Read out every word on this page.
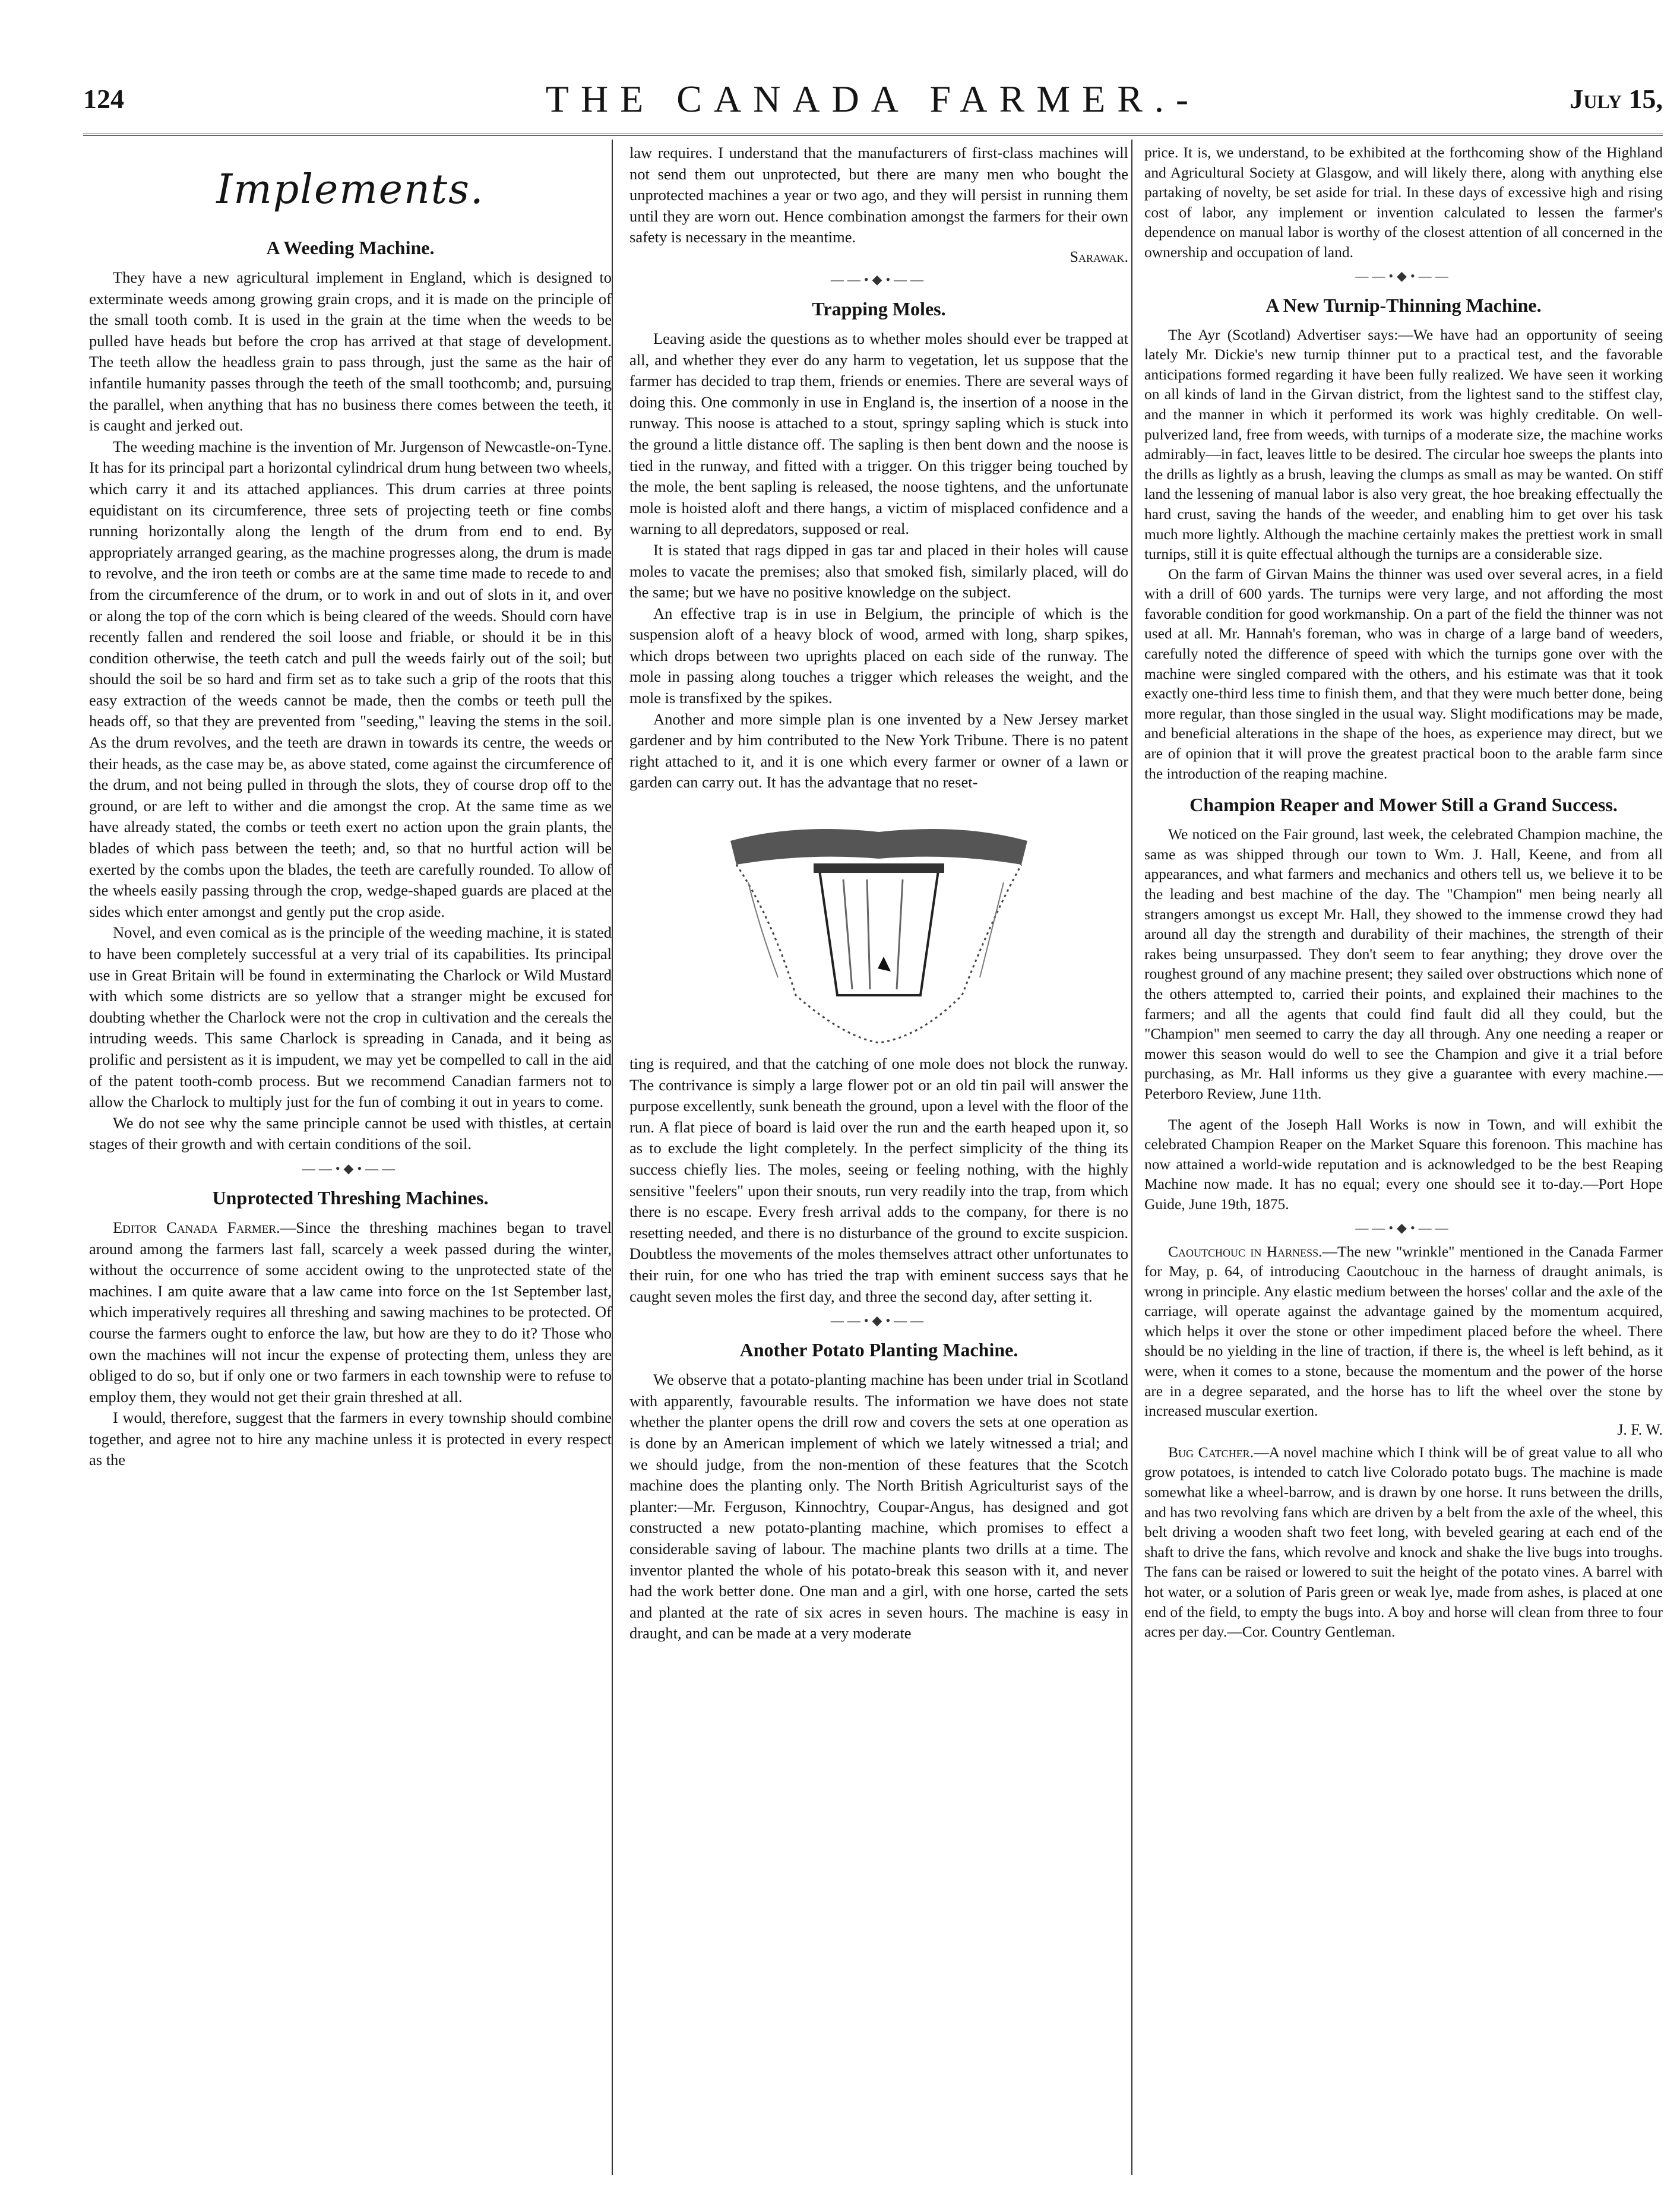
124	THE CANADA FARMER.-	July 15,
Implements.
A Weeding Machine.

They have a new agricultural implement in England, which is designed to exterminate weeds among growing grain crops, and it is made on the principle of the small tooth comb. It is used in the grain at the time when the weeds to be pulled have heads but before the crop has arrived at that stage of development. The teeth allow the headless grain to pass through, just the same as the hair of infantile humanity passes through the teeth of the small toothcomb; and, pursuing the parallel, when anything that has no business there comes between the teeth, it is caught and jerked out.

The weeding machine is the invention of Mr. Jurgenson of Newcastle-on-Tyne. It has for its principal part a horizontal cylindrical drum hung between two wheels, which carry it and its attached appliances. This drum carries at three points equidistant on its circumference, three sets of projecting teeth or fine combs running horizontally along the length of the drum from end to end. By appropriately arranged gearing, as the machine progresses along, the drum is made to revolve, and the iron teeth or combs are at the same time made to recede to and from the circumference of the drum, or to work in and out of slots in it, and over or along the top of the corn which is being cleared of the weeds. Should corn have recently fallen and rendered the soil loose and friable, or should it be in this condition otherwise, the teeth catch and pull the weeds fairly out of the soil; but should the soil be so hard and firm set as to take such a grip of the roots that this easy extraction of the weeds cannot be made, then the combs or teeth pull the heads off, so that they are prevented from "seeding," leaving the stems in the soil. As the drum revolves, and the teeth are drawn in towards its centre, the weeds or their heads, as the case may be, as above stated, come against the circumference of the drum, and not being pulled in through the slots, they of course drop off to the ground, or are left to wither and die amongst the crop. At the same time as we have already stated, the combs or teeth exert no action upon the grain plants, the blades of which pass between the teeth; and, so that no hurtful action will be exerted by the combs upon the blades, the teeth are carefully rounded. To allow of the wheels easily passing through the crop, wedge-shaped guards are placed at the sides which enter amongst and gently put the crop aside.

Novel, and even comical as is the principle of the weeding machine, it is stated to have been completely successful at a very trial of its capabilities. Its principal use in Great Britain will be found in exterminating the Charlock or Wild Mustard with which some districts are so yellow that a stranger might be excused for doubting whether the Charlock were not the crop in cultivation and the cereals the intruding weeds. This same Charlock is spreading in Canada, and it being as prolific and persistent as it is impudent, we may yet be compelled to call in the aid of the patent tooth-comb process. But we recommend Canadian farmers not to allow the Charlock to multiply just for the fun of combing it out in years to come.

We do not see why the same principle cannot be used with thistles, at certain stages of their growth and with certain conditions of the soil.

——•◆•——
Unprotected Threshing Machines.

Editor Canada Farmer.—Since the threshing machines began to travel around among the farmers last fall, scarcely a week passed during the winter, without the occurrence of some accident owing to the unprotected state of the machines. I am quite aware that a law came into force on the 1st September last, which imperatively requires all threshing and sawing machines to be protected. Of course the farmers ought to enforce the law, but how are they to do it? Those who own the machines will not incur the expense of protecting them, unless they are obliged to do so, but if only one or two farmers in each township were to refuse to employ them, they would not get their grain threshed at all.

I would, therefore, suggest that the farmers in every township should combine together, and agree not to hire any machine unless it is protected in every respect as the

law requires. I understand that the manufacturers of first-class machines will not send them out unprotected, but there are many men who bought the unprotected machines a year or two ago, and they will persist in running them until they are worn out. Hence combination amongst the farmers for their own safety is necessary in the meantime.

Sarawak.
——•◆•——
Trapping Moles.

Leaving aside the questions as to whether moles should ever be trapped at all, and whether they ever do any harm to vegetation, let us suppose that the farmer has decided to trap them, friends or enemies. There are several ways of doing this. One commonly in use in England is, the insertion of a noose in the runway. This noose is attached to a stout, springy sapling which is stuck into the ground a little distance off. The sapling is then bent down and the noose is tied in the runway, and fitted with a trigger. On this trigger being touched by the mole, the bent sapling is released, the noose tightens, and the unfortunate mole is hoisted aloft and there hangs, a victim of misplaced confidence and a warning to all depredators, supposed or real.

It is stated that rags dipped in gas tar and placed in their holes will cause moles to vacate the premises; also that smoked fish, similarly placed, will do the same; but we have no positive knowledge on the subject.

An effective trap is in use in Belgium, the principle of which is the suspension aloft of a heavy block of wood, armed with long, sharp spikes, which drops between two uprights placed on each side of the runway. The mole in passing along touches a trigger which releases the weight, and the mole is transfixed by the spikes.

Another and more simple plan is one invented by a New Jersey market gardener and by him contributed to the New York Tribune. There is no patent right attached to it, and it is one which every farmer or owner of a lawn or garden can carry out. It has the advantage that no reset-

ting is required, and that the catching of one mole does not block the runway. The contrivance is simply a large flower pot or an old tin pail will answer the purpose excellently, sunk beneath the ground, upon a level with the floor of the run. A flat piece of board is laid over the run and the earth heaped upon it, so as to exclude the light completely. In the perfect simplicity of the thing its success chiefly lies. The moles, seeing or feeling nothing, with the highly sensitive "feelers" upon their snouts, run very readily into the trap, from which there is no escape. Every fresh arrival adds to the company, for there is no resetting needed, and there is no disturbance of the ground to excite suspicion. Doubtless the movements of the moles themselves attract other unfortunates to their ruin, for one who has tried the trap with eminent success says that he caught seven moles the first day, and three the second day, after setting it.

——•◆•——
Another Potato Planting Machine.

We observe that a potato-planting machine has been under trial in Scotland with apparently, favourable results. The information we have does not state whether the planter opens the drill row and covers the sets at one operation as is done by an American implement of which we lately witnessed a trial; and we should judge, from the non-mention of these features that the Scotch machine does the planting only. The North British Agriculturist says of the planter:—Mr. Ferguson, Kinnochtry, Coupar-Angus, has designed and got constructed a new potato-planting machine, which promises to effect a considerable saving of labour. The machine plants two drills at a time. The inventor planted the whole of his potato-break this season with it, and never had the work better done. One man and a girl, with one horse, carted the sets and planted at the rate of six acres in seven hours. The machine is easy in draught, and can be made at a very moderate

price. It is, we understand, to be exhibited at the forthcoming show of the Highland and Agricultural Society at Glasgow, and will likely there, along with anything else partaking of novelty, be set aside for trial. In these days of excessive high and rising cost of labor, any implement or invention calculated to lessen the farmer's dependence on manual labor is worthy of the closest attention of all concerned in the ownership and occupation of land.

——•◆•——
A New Turnip-Thinning Machine.

The Ayr (Scotland) Advertiser says:—We have had an opportunity of seeing lately Mr. Dickie's new turnip thinner put to a practical test, and the favorable anticipations formed regarding it have been fully realized. We have seen it working on all kinds of land in the Girvan district, from the lightest sand to the stiffest clay, and the manner in which it performed its work was highly creditable. On well-pulverized land, free from weeds, with turnips of a moderate size, the machine works admirably—in fact, leaves little to be desired. The circular hoe sweeps the plants into the drills as lightly as a brush, leaving the clumps as small as may be wanted. On stiff land the lessening of manual labor is also very great, the hoe breaking effectually the hard crust, saving the hands of the weeder, and enabling him to get over his task much more lightly. Although the machine certainly makes the prettiest work in small turnips, still it is quite effectual although the turnips are a considerable size.

On the farm of Girvan Mains the thinner was used over several acres, in a field with a drill of 600 yards. The turnips were very large, and not affording the most favorable condition for good workmanship. On a part of the field the thinner was not used at all. Mr. Hannah's foreman, who was in charge of a large band of weeders, carefully noted the difference of speed with which the turnips gone over with the machine were singled compared with the others, and his estimate was that it took exactly one-third less time to finish them, and that they were much better done, being more regular, than those singled in the usual way. Slight modifications may be made, and beneficial alterations in the shape of the hoes, as experience may direct, but we are of opinion that it will prove the greatest practical boon to the arable farm since the introduction of the reaping machine.

Champion Reaper and Mower Still a Grand Success.

We noticed on the Fair ground, last week, the celebrated Champion machine, the same as was shipped through our town to Wm. J. Hall, Keene, and from all appearances, and what farmers and mechanics and others tell us, we believe it to be the leading and best machine of the day. The "Champion" men being nearly all strangers amongst us except Mr. Hall, they showed to the immense crowd they had around all day the strength and durability of their machines, the strength of their rakes being unsurpassed. They don't seem to fear anything; they drove over the roughest ground of any machine present; they sailed over obstructions which none of the others attempted to, carried their points, and explained their machines to the farmers; and all the agents that could find fault did all they could, but the "Champion" men seemed to carry the day all through. Any one needing a reaper or mower this season would do well to see the Champion and give it a trial before purchasing, as Mr. Hall informs us they give a guarantee with every machine.—Peterboro Review, June 11th.

The agent of the Joseph Hall Works is now in Town, and will exhibit the celebrated Champion Reaper on the Market Square this forenoon. This machine has now attained a world-wide reputation and is acknowledged to be the best Reaping Machine now made. It has no equal; every one should see it to-day.—Port Hope Guide, June 19th, 1875.

——•◆•——

Caoutchouc in Harness.—The new "wrinkle" mentioned in the Canada Farmer for May, p. 64, of introducing Caoutchouc in the harness of draught animals, is wrong in principle. Any elastic medium between the horses' collar and the axle of the carriage, will operate against the advantage gained by the momentum acquired, which helps it over the stone or other impediment placed before the wheel. There should be no yielding in the line of traction, if there is, the wheel is left behind, as it were, when it comes to a stone, because the momentum and the power of the horse are in a degree separated, and the horse has to lift the wheel over the stone by increased muscular exertion.

J. F. W.

Bug Catcher.—A novel machine which I think will be of great value to all who grow potatoes, is intended to catch live Colorado potato bugs. The machine is made somewhat like a wheel-barrow, and is drawn by one horse. It runs between the drills, and has two revolving fans which are driven by a belt from the axle of the wheel, this belt driving a wooden shaft two feet long, with beveled gearing at each end of the shaft to drive the fans, which revolve and knock and shake the live bugs into troughs. The fans can be raised or lowered to suit the height of the potato vines. A barrel with hot water, or a solution of Paris green or weak lye, made from ashes, is placed at one end of the field, to empty the bugs into. A boy and horse will clean from three to four acres per day.—Cor. Country Gentleman.
